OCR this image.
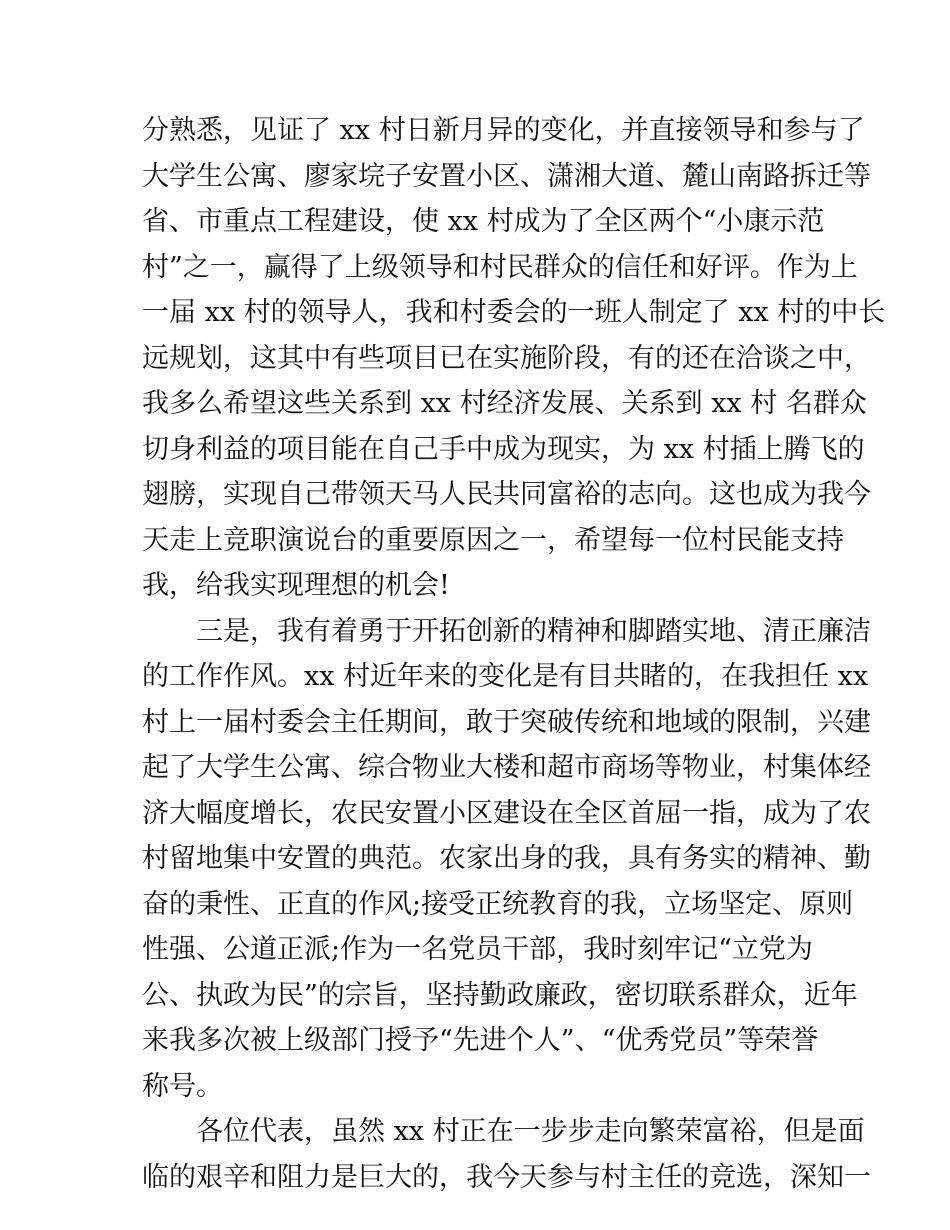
分熟悉，见证了 xx 村日新月异的变化，并直接领导和参与了
大学生公寓、廖家垸子安置小区、潇湘大道、麓山南路拆迁等
省、市重点工程建设，使 xx 村成为了全区两个“小康示范
村”之一，赢得了上级领导和村民群众的信任和好评。作为上
一届 xx 村的领导人，我和村委会的一班人制定了 xx 村的中长
远规划，这其中有些项目已在实施阶段，有的还在洽谈之中，
我多么希望这些关系到 xx 村经济发展、关系到 xx 村 名群众
切身利益的项目能在自己手中成为现实，为 xx 村插上腾飞的
翅膀，实现自己带领天马人民共同富裕的志向。这也成为我今
天走上竞职演说台的重要原因之一，希望每一位村民能支持
我，给我实现理想的机会!
　　三是，我有着勇于开拓创新的精神和脚踏实地、清正廉洁
的工作作风。xx 村近年来的变化是有目共睹的，在我担任 xx
村上一届村委会主任期间，敢于突破传统和地域的限制，兴建
起了大学生公寓、综合物业大楼和超市商场等物业，村集体经
济大幅度增长，农民安置小区建设在全区首屈一指，成为了农
村留地集中安置的典范。农家出身的我，具有务实的精神、勤
奋的秉性、正直的作风;接受正统教育的我，立场坚定、原则
性强、公道正派;作为一名党员干部，我时刻牢记“立党为
公、执政为民”的宗旨，坚持勤政廉政，密切联系群众，近年
来我多次被上级部门授予“先进个人”、“优秀党员”等荣誉
称号。
　　各位代表，虽然 xx 村正在一步步走向繁荣富裕，但是面
临的艰辛和阻力是巨大的，我今天参与村主任的竞选，深知一
